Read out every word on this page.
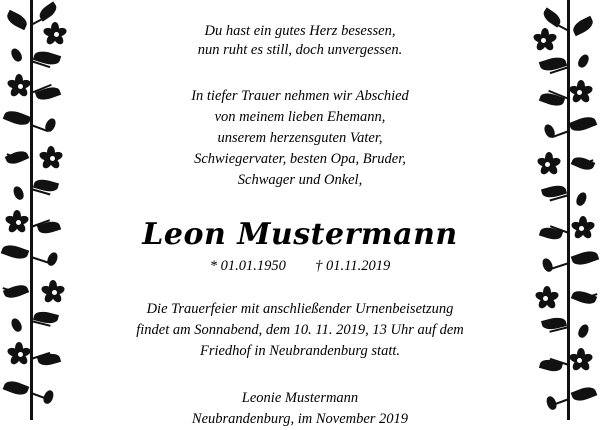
Du hast ein gutes Herz besessen,
nun ruht es still, doch unvergessen.
In tiefer Trauer nehmen wir Abschied
von meinem lieben Ehemann,
unserem herzensguten Vater,
Schwiegervater, besten Opa, Bruder,
Schwager und Onkel,
Leon Mustermann
* 01.01.1950 † 01.11.2019
Die Trauerfeier mit anschließender Urnenbeisetzung
findet am Sonnabend, dem 10. 11. 2019, 13 Uhr auf dem
Friedhof in Neubrandenburg statt.
Leonie Mustermann
Neubrandenburg, im November 2019
